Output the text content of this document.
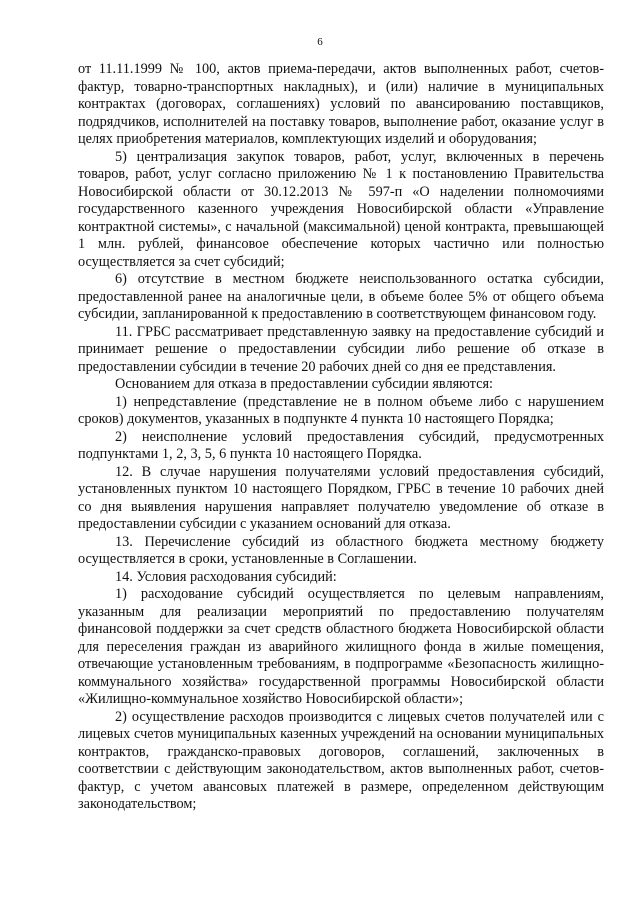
6

от 11.11.1999 № 100, актов приема-передачи, актов выполненных работ, счетов-фактур, товарно-транспортных накладных), и (или) наличие в муниципальных контрактах (договорах, соглашениях) условий по авансированию поставщиков, подрядчиков, исполнителей на поставку товаров, выполнение работ, оказание услуг в целях приобретения материалов, комплектующих изделий и оборудования;

5) централизация закупок товаров, работ, услуг, включенных в перечень товаров, работ, услуг согласно приложению № 1 к постановлению Правительства Новосибирской области от 30.12.2013 № 597-п «О наделении полномочиями государственного казенного учреждения Новосибирской области «Управление контрактной системы», с начальной (максимальной) ценой контракта, превышающей 1 млн. рублей, финансовое обеспечение которых частично или полностью осуществляется за счет субсидий;

6) отсутствие в местном бюджете неиспользованного остатка субсидии, предоставленной ранее на аналогичные цели, в объеме более 5% от общего объема субсидии, запланированной к предоставлению в соответствующем финансовом году.

11. ГРБС рассматривает представленную заявку на предоставление субсидий и принимает решение о предоставлении субсидии либо решение об отказе в предоставлении субсидии в течение 20 рабочих дней со дня ее представления.

Основанием для отказа в предоставлении субсидии являются:

1) непредставление (представление не в полном объеме либо с нарушением сроков) документов, указанных в подпункте 4 пункта 10 настоящего Порядка;

2) неисполнение условий предоставления субсидий, предусмотренных подпунктами 1, 2, 3, 5, 6 пункта 10 настоящего Порядка.

12. В случае нарушения получателями условий предоставления субсидий, установленных пунктом 10 настоящего Порядком, ГРБС в течение 10 рабочих дней со дня выявления нарушения направляет получателю уведомление об отказе в предоставлении субсидии с указанием оснований для отказа.

13. Перечисление субсидий из областного бюджета местному бюджету осуществляется в сроки, установленные в Соглашении.

14. Условия расходования субсидий:

1) расходование субсидий осуществляется по целевым направлениям, указанным для реализации мероприятий по предоставлению получателям финансовой поддержки за счет средств областного бюджета Новосибирской области для переселения граждан из аварийного жилищного фонда в жилые помещения, отвечающие установленным требованиям, в подпрограмме «Безопасность жилищно-коммунального хозяйства» государственной программы Новосибирской области «Жилищно-коммунальное хозяйство Новосибирской области»;

2) осуществление расходов производится с лицевых счетов получателей или с лицевых счетов муниципальных казенных учреждений на основании муниципальных контрактов, гражданско-правовых договоров, соглашений, заключенных в соответствии с действующим законодательством, актов выполненных работ, счетов-фактур, с учетом авансовых платежей в размере, определенном действующим законодательством;
